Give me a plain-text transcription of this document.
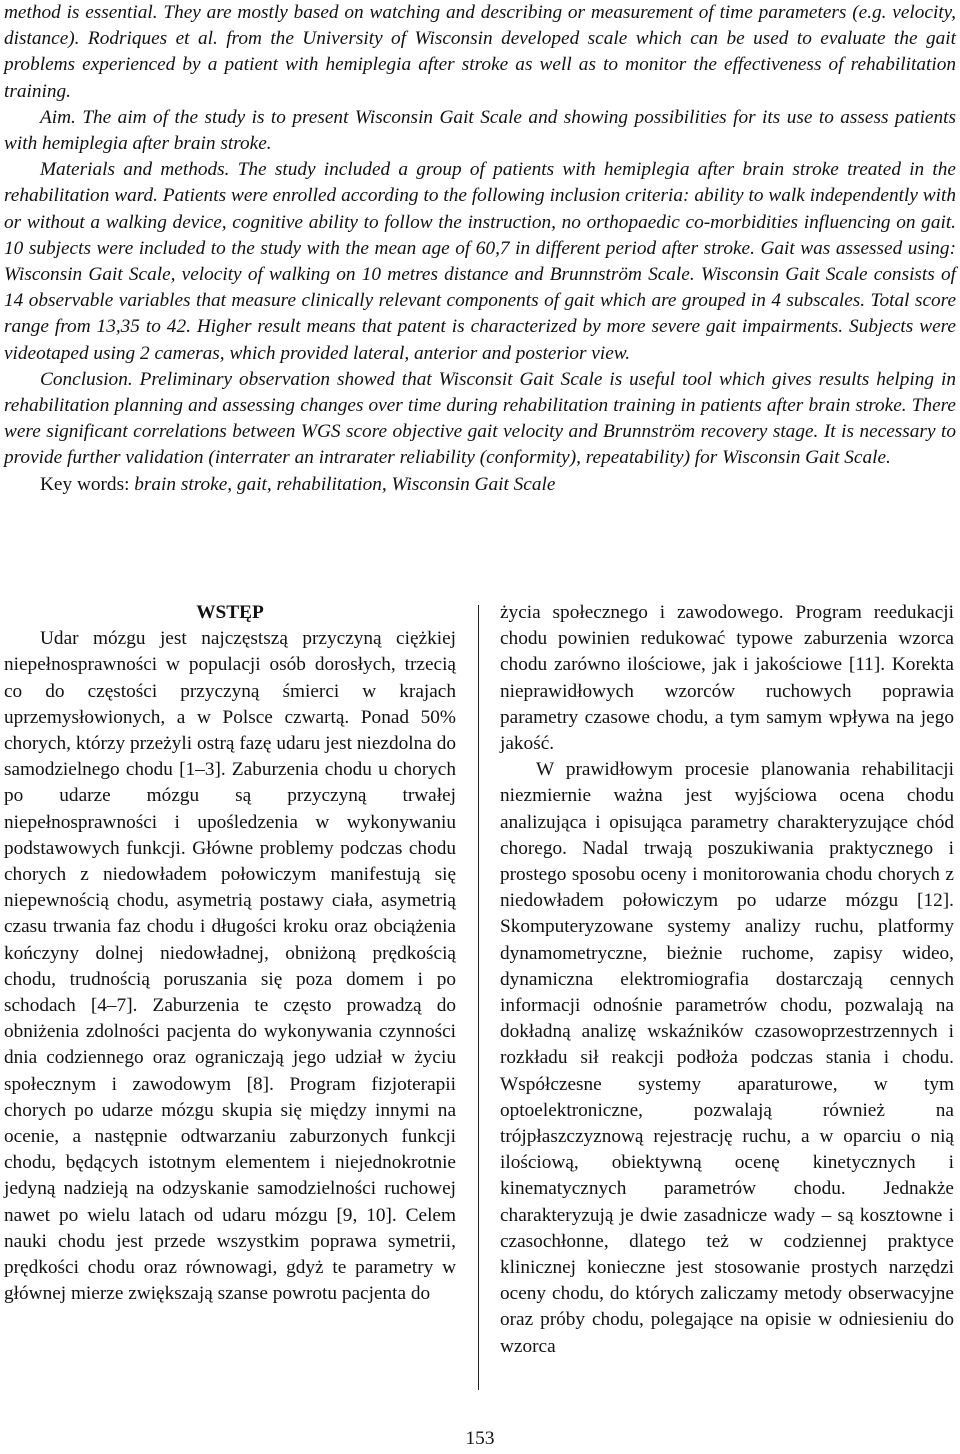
method is essential. They are mostly based on watching and describing or measurement of time parameters (e.g. velocity, distance). Rodriques et al. from the University of Wisconsin developed scale which can be used to evaluate the gait problems experienced by a patient with hemiplegia after stroke as well as to monitor the effectiveness of rehabilitation training.

Aim. The aim of the study is to present Wisconsin Gait Scale and showing possibilities for its use to assess patients with hemiplegia after brain stroke.

Materials and methods. The study included a group of patients with hemiplegia after brain stroke treated in the rehabilitation ward. Patients were enrolled according to the following inclusion criteria: ability to walk independently with or without a walking device, cognitive ability to follow the instruction, no orthopaedic co-morbidities influencing on gait. 10 subjects were included to the study with the mean age of 60,7 in different period after stroke. Gait was assessed using: Wisconsin Gait Scale, velocity of walking on 10 metres distance and Brunnström Scale. Wisconsin Gait Scale consists of 14 observable variables that measure clinically relevant components of gait which are grouped in 4 subscales. Total score range from 13,35 to 42. Higher result means that patent is characterized by more severe gait impairments. Subjects were videotaped using 2 cameras, which provided lateral, anterior and posterior view.

Conclusion. Preliminary observation showed that Wisconsit Gait Scale is useful tool which gives results helping in rehabilitation planning and assessing changes over time during rehabilitation training in patients after brain stroke. There were significant correlations between WGS score objective gait velocity and Brunnström recovery stage. It is necessary to provide further validation (interrater an intrarater reliability (conformity), repeatability) for Wisconsin Gait Scale.

Key words: brain stroke, gait, rehabilitation, Wisconsin Gait Scale

WSTĘP

Udar mózgu jest najczęstszą przyczyną ciężkiej niepełnosprawności w populacji osób dorosłych, trzecią co do częstości przyczyną śmierci w krajach uprzemysłowionych, a w Polsce czwartą. Ponad 50% chorych, którzy przeżyli ostrą fazę udaru jest niezdolna do samodzielnego chodu [1–3]. Zaburzenia chodu u chorych po udarze mózgu są przyczyną trwałej niepełnosprawności i upośledzenia w wykonywaniu podstawowych funkcji. Główne problemy podczas chodu chorych z niedowładem połowiczym manifestują się niepewnością chodu, asymetrią postawy ciała, asymetrią czasu trwania faz chodu i długości kroku oraz obciążenia kończyny dolnej niedowładnej, obniżoną prędkością chodu, trudnością poruszania się poza domem i po schodach [4–7]. Zaburzenia te często prowadzą do obniżenia zdolności pacjenta do wykonywania czynności dnia codziennego oraz ograniczają jego udział w życiu społecznym i zawodowym [8]. Program fizjoterapii chorych po udarze mózgu skupia się między innymi na ocenie, a następnie odtwarzaniu zaburzonych funkcji chodu, będących istotnym elementem i niejednokrotnie jedyną nadzieją na odzyskanie samodzielności ruchowej nawet po wielu latach od udaru mózgu [9, 10]. Celem nauki chodu jest przede wszystkim poprawa symetrii, prędkości chodu oraz równowagi, gdyż te parametry w głównej mierze zwiększają szanse powrotu pacjenta do

życia społecznego i zawodowego. Program reedukacji chodu powinien redukować typowe zaburzenia wzorca chodu zarówno ilościowe, jak i jakościowe [11]. Korekta nieprawidłowych wzorców ruchowych poprawia parametry czasowe chodu, a tym samym wpływa na jego jakość.

W prawidłowym procesie planowania rehabilitacji niezmiernie ważna jest wyjściowa ocena chodu analizująca i opisująca parametry charakteryzujące chód chorego. Nadal trwają poszukiwania praktycznego i prostego sposobu oceny i monitorowania chodu chorych z niedowładem połowiczym po udarze mózgu [12]. Skomputeryzowane systemy analizy ruchu, platformy dynamometryczne, bieżnie ruchome, zapisy wideo, dynamiczna elektromiografia dostarczają cennych informacji odnośnie parametrów chodu, pozwalają na dokładną analizę wskaźników czasowoprzestrzennych i rozkładu sił reakcji podłoża podczas stania i chodu. Współczesne systemy aparaturowe, w tym optoelektroniczne, pozwalają również na trójpłaszczyznową rejestrację ruchu, a w oparciu o nią ilościową, obiektywną ocenę kinetycznych i kinematycznych parametrów chodu. Jednakże charakteryzują je dwie zasadnicze wady – są kosztowne i czasochłonne, dlatego też w codziennej praktyce klinicznej konieczne jest stosowanie prostych narzędzi oceny chodu, do których zaliczamy metody obserwacyjne oraz próby chodu, polegające na opisie w odniesieniu do wzorca

153
